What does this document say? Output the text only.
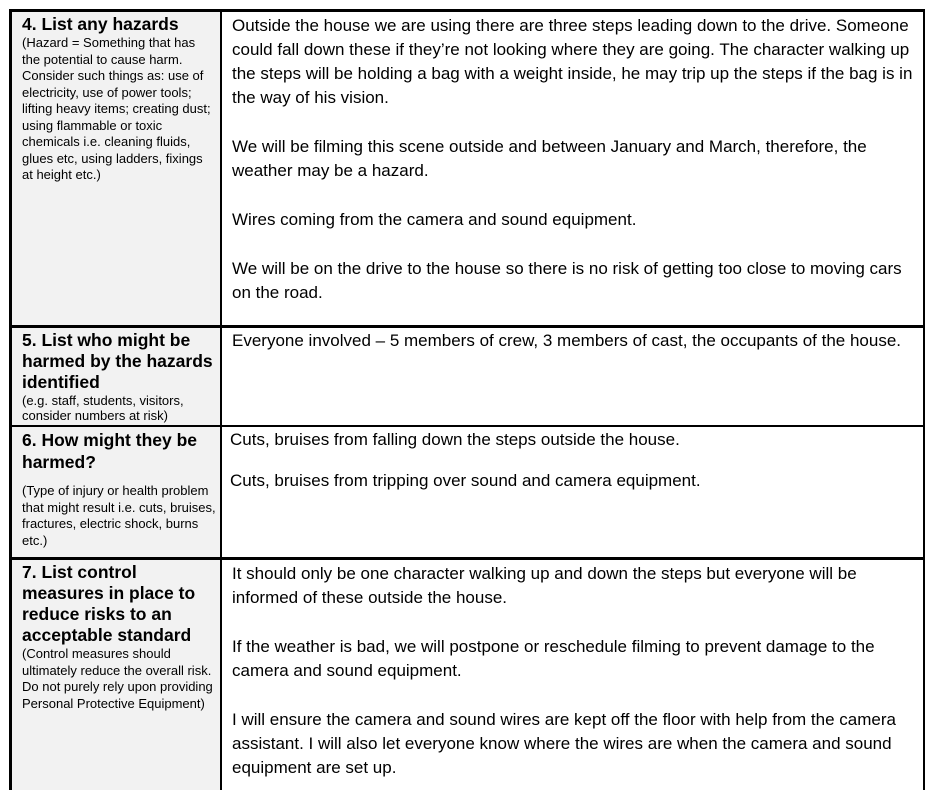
4. List any hazards

(Hazard = Something that has the potential to cause harm. Consider such things as: use of electricity, use of power tools; lifting heavy items; creating dust; using flammable or toxic chemicals i.e. cleaning fluids, glues etc, using ladders, fixings at height etc.)

Outside the house we are using there are three steps leading down to the drive. Someone could fall down these if they’re not looking where they are going. The character walking up the steps will be holding a bag with a weight inside, he may trip up the steps if the bag is in the way of his vision.

We will be filming this scene outside and between January and March, therefore, the weather may be a hazard.

Wires coming from the camera and sound equipment.

We will be on the drive to the house so there is no risk of getting too close to moving cars on the road.

5. List who might be harmed by the hazards identified

(e.g. staff, students, visitors, consider numbers at risk)

Everyone involved – 5 members of crew, 3 members of cast, the occupants of the house.

6. How might they be harmed?

(Type of injury or health problem that might result i.e. cuts, bruises, fractures, electric shock, burns etc.)

Cuts, bruises from falling down the steps outside the house.

Cuts, bruises from tripping over sound and camera equipment.

7. List control measures in place to reduce risks to an acceptable standard

(Control measures should ultimately reduce the overall risk. Do not purely rely upon providing Personal Protective Equipment)

It should only be one character walking up and down the steps but everyone will be informed of these outside the house.

If the weather is bad, we will postpone or reschedule filming to prevent damage to the camera and sound equipment.

I will ensure the camera and sound wires are kept off the floor with help from the camera assistant. I will also let everyone know where the wires are when the camera and sound equipment are set up.
